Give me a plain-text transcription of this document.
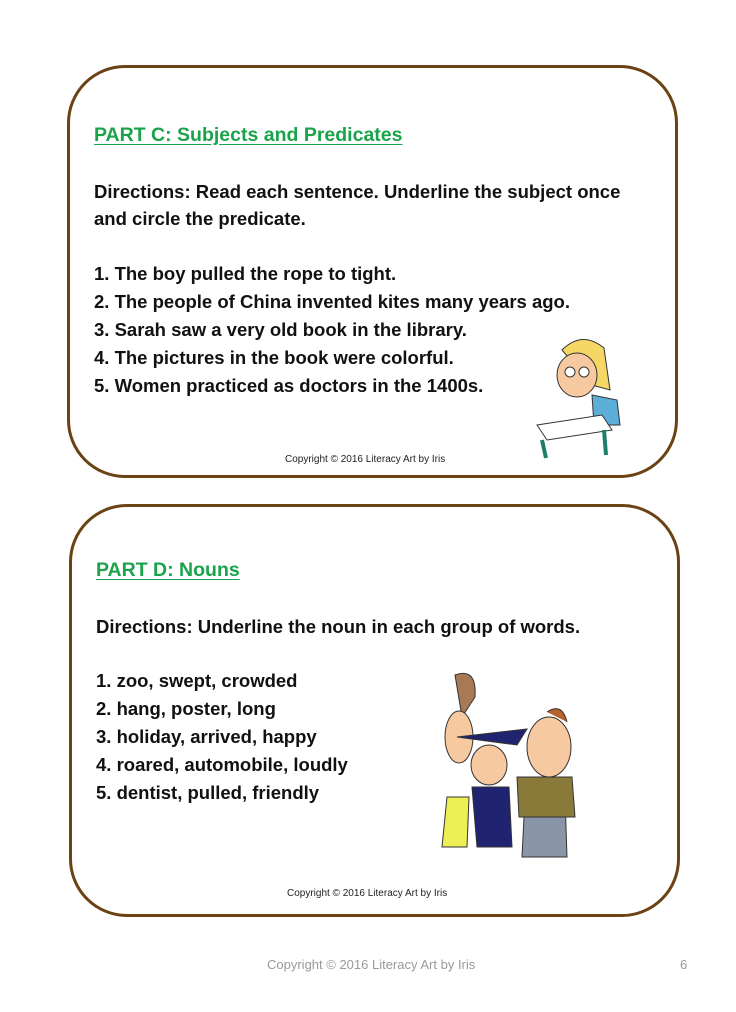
PART C: Subjects and Predicates
Directions: Read each sentence. Underline the subject once and circle the predicate.
1. The boy pulled the rope to tight.
2. The people of China invented kites many years ago.
3. Sarah saw a very old book in the library.
4. The pictures in the book were colorful.
5. Women practiced as doctors in the 1400s.
Copyright © 2016 Literacy Art by Iris
PART D: Nouns
Directions: Underline the noun in each group of words.
1. zoo, swept, crowded
2. hang, poster, long
3. holiday, arrived, happy
4. roared, automobile, loudly
5. dentist, pulled, friendly
Copyright © 2016 Literacy Art by Iris
Copyright © 2016 Literacy Art by Iris	6
